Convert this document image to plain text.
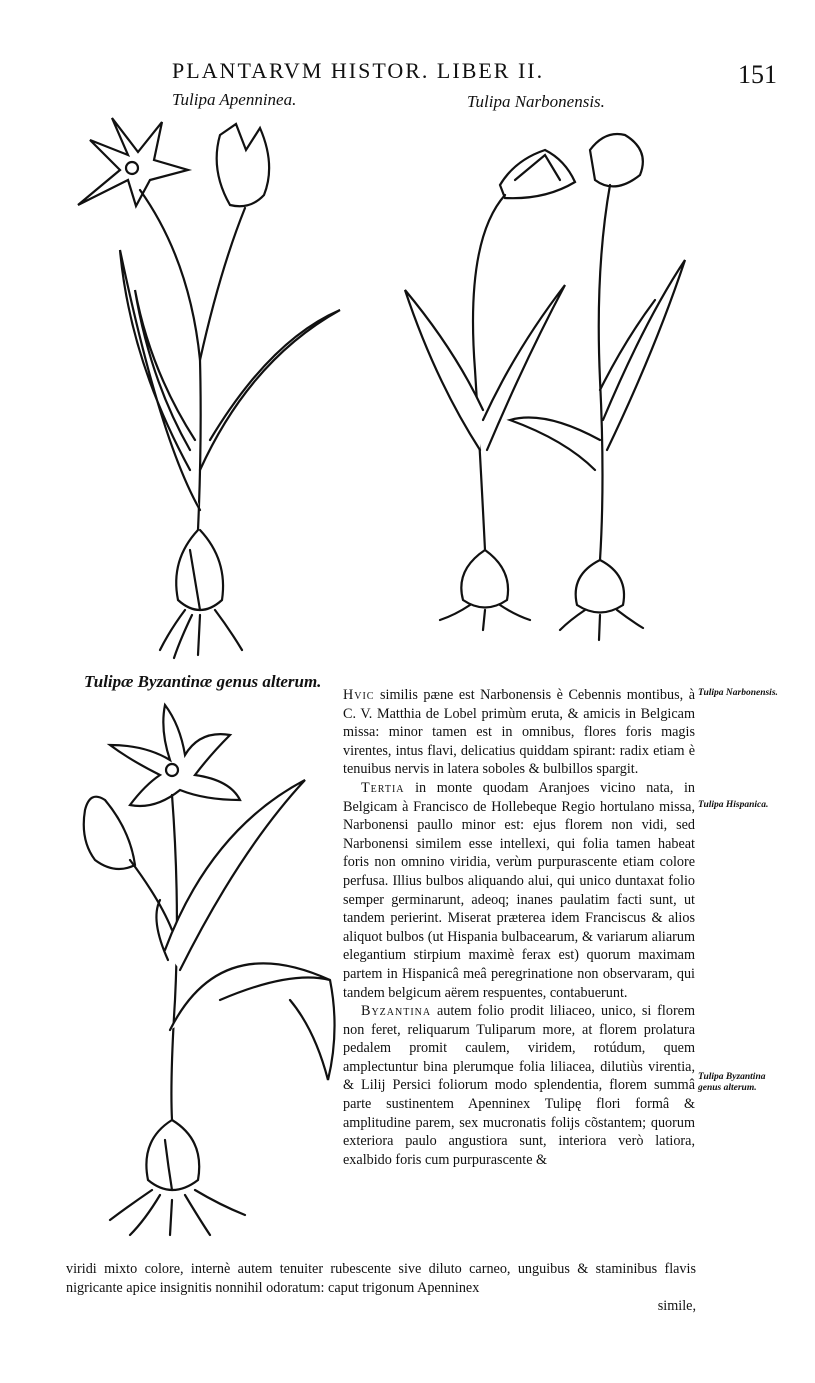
PLANTARVM HISTOR. LIBER II.	151
Tulipa Apenninea.	Tulipa Narbonensis.
Tulipæ Byzantinæ genus alterum.

Hvic similis pæne est Narbonensis è Cebennis montibus, à C. V. Matthia de Lobel primùm eruta, & amicis in Belgicam missa: minor tamen est in omnibus, flores foris magis virentes, intus flavi, delicatius quiddam spirant: radix etiam è tenuibus nervis in latera soboles & bulbillos spargit.

Tertia in monte quodam Aranjoes vicino nata, in Belgicam à Francisco de Hollebeque Regio hortulano missa, Narbonensi paullo minor est: ejus florem non vidi, sed Narbonensi similem esse intellexi, qui folia tamen habeat foris non omnino viridia, verùm purpurascente etiam colore perfusa. Illius bulbos aliquando alui, qui unico duntaxat folio semper germinarunt, adeoq; inanes paulatim facti sunt, ut tandem perierint. Miserat præterea idem Franciscus & alios aliquot bulbos (ut Hispania bulbacearum, & variarum aliarum elegantium stirpium maximè ferax est) quorum maximam partem in Hispanicâ meâ peregrinatione non observaram, qui tandem belgicum aërem respuentes, contabuerunt.

Byzantina autem folio prodit liliaceo, unico, si florem non feret, reliquarum Tuliparum more, at florem prolatura pedalem promit caulem, viridem, rotúdum, quem amplectuntur bina plerumque folia liliacea, dilutiùs virentia, & Lilij Persici foliorum modo splendentia, florem summâ parte sustinentem Apenninex Tulipę flori formâ & amplitudine parem, sex mucronatis folijs cõstantem; quorum exteriora paulo angustiora sunt, interiora verò latiora, exalbido foris cum purpurascente &

viridi mixto colore, internè autem tenuiter rubescente sive diluto carneo, unguibus & staminibus flavis nigricante apice insignitis nonnihil odoratum: caput trigonum Apenninex
simile,
Tulipa Narbonensis.
Tulipa Hispanica.
Tulipa Byzantina genus alterum.
